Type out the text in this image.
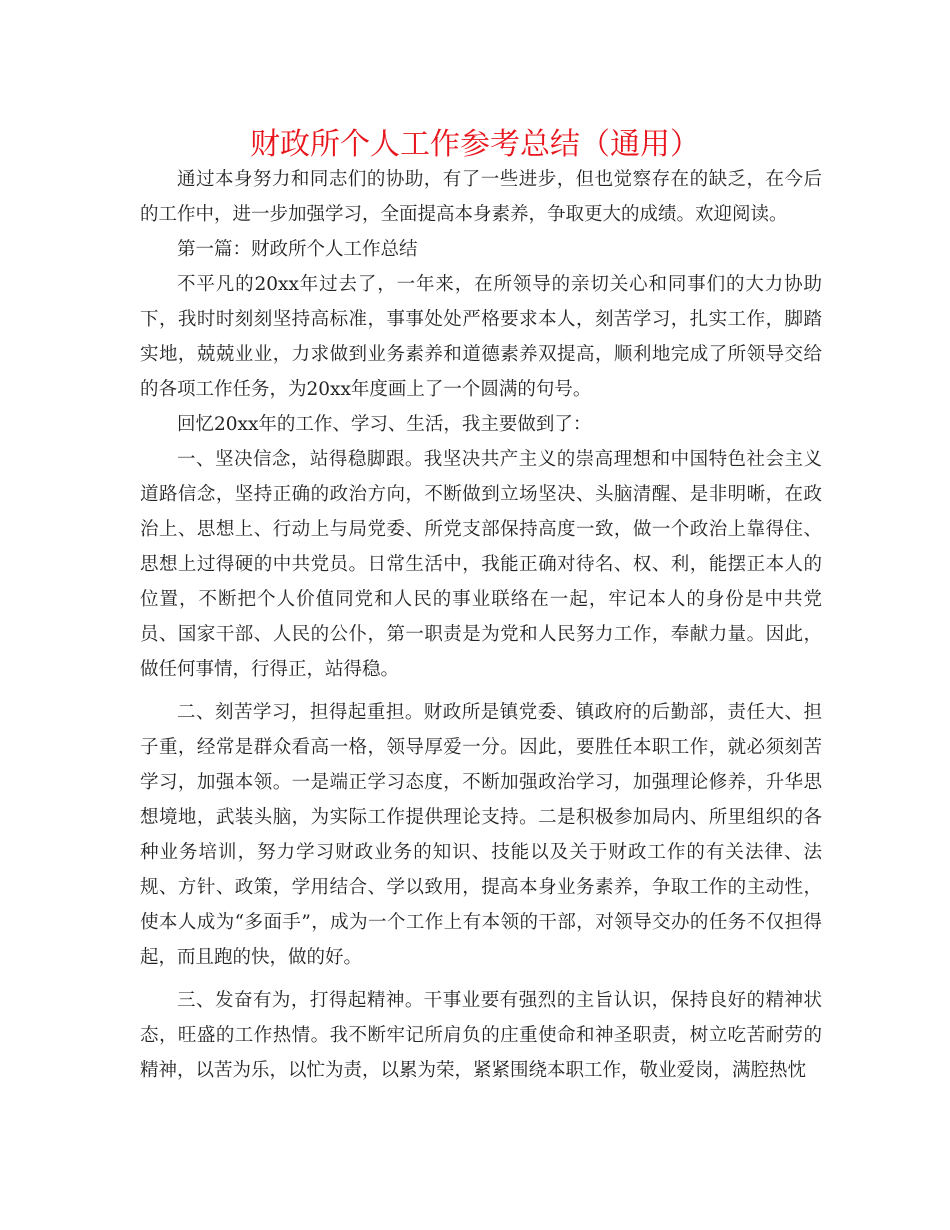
财政所个人工作参考总结（通用）

通过本身努力和同志们的协助，有了一些进步，但也觉察存在的缺乏，在今后的工作中，进一步加强学习，全面提高本身素养，争取更大的成绩。欢迎阅读。

第一篇：财政所个人工作总结

不平凡的20xx年过去了，一年来，在所领导的亲切关心和同事们的大力协助下，我时时刻刻坚持高标准，事事处处严格要求本人，刻苦学习，扎实工作，脚踏实地，兢兢业业，力求做到业务素养和道德素养双提高，顺利地完成了所领导交给的各项工作任务，为20xx年度画上了一个圆满的句号。

回忆20xx年的工作、学习、生活，我主要做到了：

一、坚决信念，站得稳脚跟。我坚决共产主义的崇高理想和中国特色社会主义道路信念，坚持正确的政治方向，不断做到立场坚决、头脑清醒、是非明晰，在政治上、思想上、行动上与局党委、所党支部保持高度一致，做一个政治上靠得住、思想上过得硬的中共党员。日常生活中，我能正确对待名、权、利，能摆正本人的位置，不断把个人价值同党和人民的事业联络在一起，牢记本人的身份是中共党员、国家干部、人民的公仆，第一职责是为党和人民努力工作，奉献力量。因此，做任何事情，行得正，站得稳。

二、刻苦学习，担得起重担。财政所是镇党委、镇政府的后勤部，责任大、担子重，经常是群众看高一格，领导厚爱一分。因此，要胜任本职工作，就必须刻苦学习，加强本领。一是端正学习态度，不断加强政治学习，加强理论修养，升华思想境地，武装头脑，为实际工作提供理论支持。二是积极参加局内、所里组织的各种业务培训，努力学习财政业务的知识、技能以及关于财政工作的有关法律、法规、方针、政策，学用结合、学以致用，提高本身业务素养，争取工作的主动性，使本人成为“多面手”，成为一个工作上有本领的干部，对领导交办的任务不仅担得起，而且跑的快，做的好。

三、发奋有为，打得起精神。干事业要有强烈的主旨认识，保持良好的精神状态，旺盛的工作热情。我不断牢记所肩负的庄重使命和神圣职责，树立吃苦耐劳的精神，以苦为乐，以忙为责，以累为荣，紧紧围绕本职工作，敬业爱岗，满腔热忱
